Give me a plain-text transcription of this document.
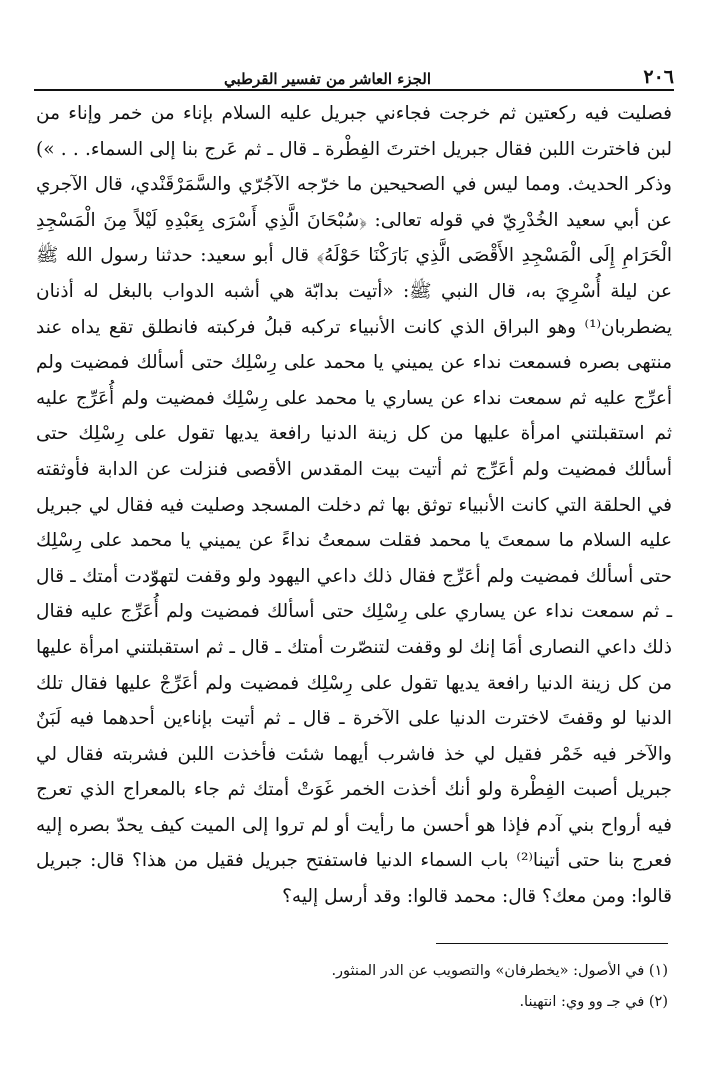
٢٠٦
الجزء العاشر من تفسير القرطبي

فصليت فيه ركعتين ثم خرجت فجاءني جبريل عليه السلام بإناء من خمر وإناء من لبن فاخترت اللبن فقال جبريل اخترتَ الفِطْرة ـ قال ـ ثم عَرج بنا إلى السماء. . . ») وذكر الحديث. ومما ليس في الصحيحين ما خرّجه الآجُرّي والسَّمَرْقَنْدي، قال الآجري عن أبي سعيد الخُدْرِيّ في قوله تعالى: ﴿سُبْحَانَ الَّذِي أَسْرَى بِعَبْدِهِ لَيْلاً مِنَ الْمَسْجِدِ الْحَرَامِ إِلَى الْمَسْجِدِ الأَقْصَى الَّذِي بَارَكْنَا حَوْلَهُ﴾ قال أبو سعيد: حدثنا رسول الله ﷺ عن ليلة أُسْرِيَ به، قال النبي ﷺ: «أتيت بدابّة هي أشبه الدواب بالبغل له أذنان يضطربان⁽¹⁾ وهو البراق الذي كانت الأنبياء تركبه قبلُ فركبته فانطلق تقع يداه عند منتهى بصره فسمعت نداء عن يميني يا محمد على رِسْلِك حتى أسألك فمضيت ولم أعرِّج عليه ثم سمعت نداء عن يساري يا محمد على رِسْلِك فمضيت ولم أُعَرِّج عليه ثم استقبلتني امرأة عليها من كل زينة الدنيا رافعة يديها تقول على رِسْلِك حتى أسألك فمضيت ولم أعَرِّج ثم أتيت بيت المقدس الأقصى فنزلت عن الدابة فأوثقته في الحلقة التي كانت الأنبياء توثق بها ثم دخلت المسجد وصليت فيه فقال لي جبريل عليه السلام ما سمعتَ يا محمد فقلت سمعتُ نداءً عن يميني يا محمد على رِسْلِك حتى أسألك فمضيت ولم أعَرِّج فقال ذلك داعي اليهود ولو وقفت لتهوّدت أمتك ـ قال ـ ثم سمعت نداء عن يساري على رِسْلِك حتى أسألك فمضيت ولم أُعَرِّج عليه فقال ذلك داعي النصارى أمَا إنك لو وقفت لتنصّرت أمتك ـ قال ـ ثم استقبلتني امرأة عليها من كل زينة الدنيا رافعة يديها تقول على رِسْلِك فمضيت ولم أعَرِّجْ عليها فقال تلك الدنيا لو وقفتَ لاخترت الدنيا على الآخرة ـ قال ـ ثم أتيت بإناءين أحدهما فيه لَبَنٌ والآخر فيه خَمْر فقيل لي خذ فاشرب أيهما شئت فأخذت اللبن فشربته فقال لي جبريل أصبت الفِطْرة ولو أنك أخذت الخمر غَوَتْ أمتك ثم جاء بالمعراج الذي تعرج فيه أرواح بني آدم فإذا هو أحسن ما رأيت أو لم تروا إلى الميت كيف يحدّ بصره إليه فعرج بنا حتى أتينا⁽²⁾ باب السماء الدنيا فاستفتح جبريل فقيل من هذا؟ قال: جبريل قالوا: ومن معك؟ قال: محمد قالوا: وقد أرسل إليه؟

(١) في الأصول: «يخطرفان» والتصويب عن الدر المنثور.
(٢) في جـ وو وي: انتهينا.
